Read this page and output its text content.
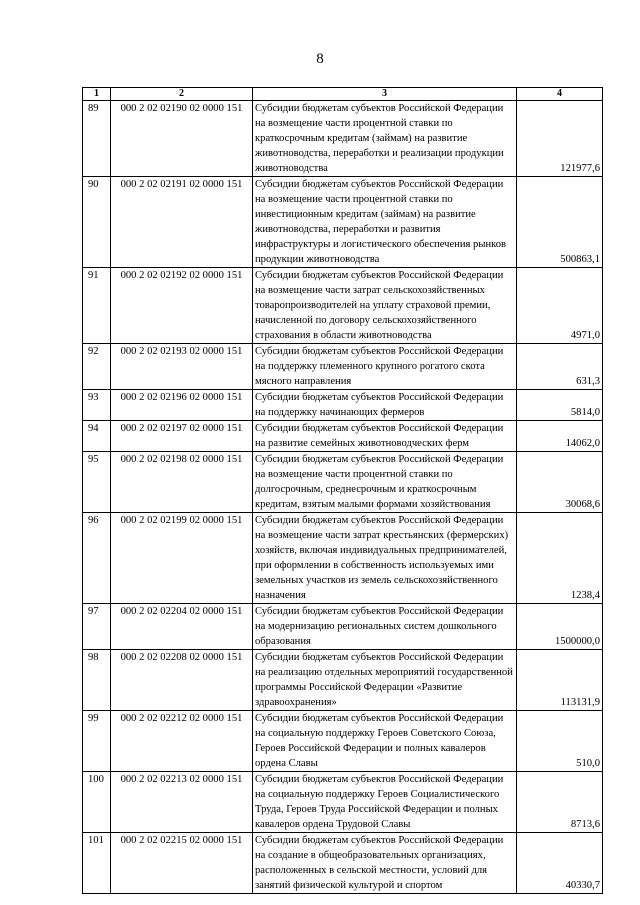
8
1	2	3	4
89	000 2 02 02190 02 0000 151	Субсидии бюджетам субъектов Российской Федерации на возмещение части процентной ставки по краткосрочным кредитам (займам) на развитие животноводства, переработки и реализации продукции животноводства	121977,6
90	000 2 02 02191 02 0000 151	Субсидии бюджетам субъектов Российской Федерации на возмещение части процентной ставки по инвестиционным кредитам (займам) на развитие животноводства, переработки и развития инфраструктуры и логистического обеспечения рынков продукции животноводства	500863,1
91	000 2 02 02192 02 0000 151	Субсидии бюджетам субъектов Российской Федерации на возмещение части затрат сельскохозяйственных товаропроизводителей на уплату страховой премии, начисленной по договору сельскохозяйственного страхования в области животноводства	4971,0
92	000 2 02 02193 02 0000 151	Субсидии бюджетам субъектов Российской Федерации на поддержку племенного крупного рогатого скота мясного направления	631,3
93	000 2 02 02196 02 0000 151	Субсидии бюджетам субъектов Российской Федерации на поддержку начинающих фермеров	5814,0
94	000 2 02 02197 02 0000 151	Субсидии бюджетам субъектов Российской Федерации на развитие семейных животноводческих ферм	14062,0
95	000 2 02 02198 02 0000 151	Субсидии бюджетам субъектов Российской Федерации на возмещение части процентной ставки по долгосрочным, среднесрочным и краткосрочным кредитам, взятым малыми формами хозяйствования	30068,6
96	000 2 02 02199 02 0000 151	Субсидии бюджетам субъектов Российской Федерации на возмещение части затрат крестьянских (фермерских) хозяйств, включая индивидуальных предпринимателей, при оформлении в собственность используемых ими земельных участков из земель сельскохозяйственного назначения	1238,4
97	000 2 02 02204 02 0000 151	Субсидии бюджетам субъектов Российской Федерации на модернизацию региональных систем дошкольного образования	1500000,0
98	000 2 02 02208 02 0000 151	Субсидии бюджетам субъектов Российской Федерации на реализацию отдельных мероприятий государственной программы Российской Федерации «Развитие здравоохранения»	113131,9
99	000 2 02 02212 02 0000 151	Субсидии бюджетам субъектов Российской Федерации на социальную поддержку Героев Советского Союза, Героев Российской Федерации и полных кавалеров ордена Славы	510,0
100	000 2 02 02213 02 0000 151	Субсидии бюджетам субъектов Российской Федерации на социальную поддержку Героев Социалистического Труда, Героев Труда Российской Федерации и полных кавалеров ордена Трудовой Славы	8713,6
101	000 2 02 02215 02 0000 151	Субсидии бюджетам субъектов Российской Федерации на создание в общеобразовательных организациях, расположенных в сельской местности, условий для занятий физической культурой и спортом	40330,7
